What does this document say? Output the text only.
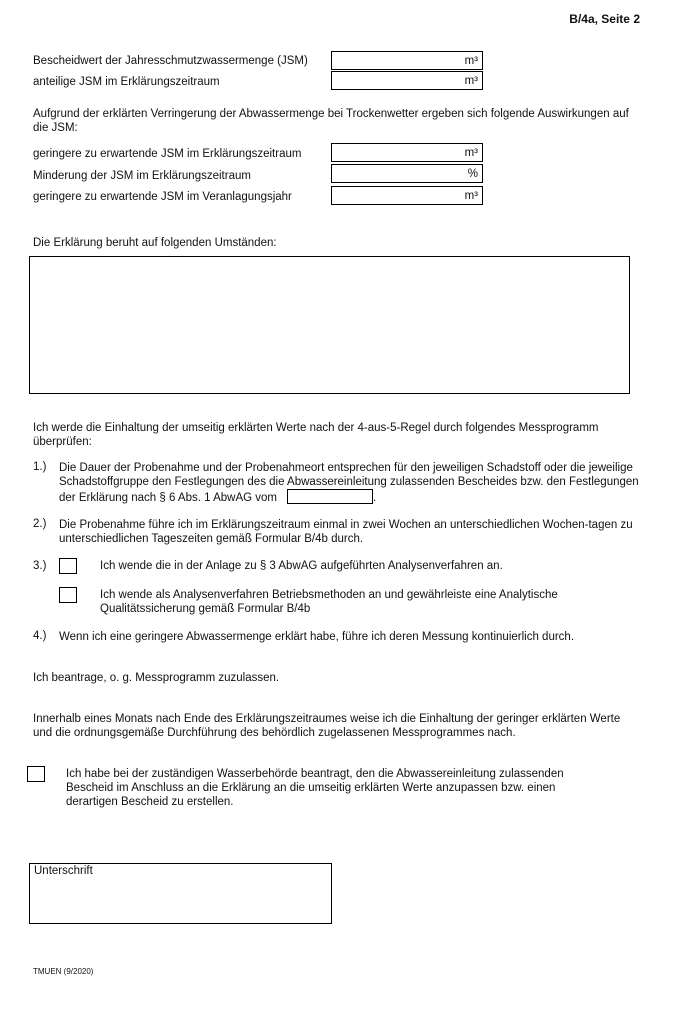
B/4a, Seite 2
Bescheidwert der Jahresschmutzwassermenge (JSM)	m³
anteilige JSM im Erklärungszeitraum	m³
Aufgrund der erklärten Verringerung der Abwassermenge bei Trockenwetter ergeben sich folgende Auswirkungen auf die JSM:
geringere zu erwartende JSM im Erklärungszeitraum	m³
Minderung der JSM im Erklärungszeitraum	%
geringere zu erwartende JSM im Veranlagungsjahr	m³
Die Erklärung beruht auf folgenden Umständen:
Ich werde die Einhaltung der umseitig erklärten Werte nach der 4-aus-5-Regel durch folgendes Messprogramm überprüfen:
1.) Die Dauer der Probenahme und der Probenahmeort entsprechen für den jeweiligen Schadstoff oder die jeweilige Schadstoffgruppe den Festlegungen des die Abwassereinleitung zulassenden Bescheides bzw. den Festlegungen der Erklärung nach § 6 Abs. 1 AbwAG vom	.
2.) Die Probenahme führe ich im Erklärungszeitraum einmal in zwei Wochen an unterschiedlichen Wochen-tagen zu unterschiedlichen Tageszeiten gemäß Formular B/4b durch.
3.)	Ich wende die in der Anlage zu § 3 AbwAG aufgeführten Analysenverfahren an.
Ich wende als Analysenverfahren Betriebsmethoden an und gewährleiste eine Analytische Qualitätssicherung gemäß Formular B/4b
4.) Wenn ich eine geringere Abwassermenge erklärt habe, führe ich deren Messung kontinuierlich durch.
Ich beantrage, o. g. Messprogramm zuzulassen.
Innerhalb eines Monats nach Ende des Erklärungszeitraumes weise ich die Einhaltung der geringer erklärten Werte und die ordnungsgemäße Durchführung des behördlich zugelassenen Messprogrammes nach.
Ich habe bei der zuständigen Wasserbehörde beantragt, den die Abwassereinleitung zulassenden Bescheid im Anschluss an die Erklärung an die umseitig erklärten Werte anzupassen bzw. einen derartigen Bescheid zu erstellen.
Unterschrift
TMUEN (9/2020)
